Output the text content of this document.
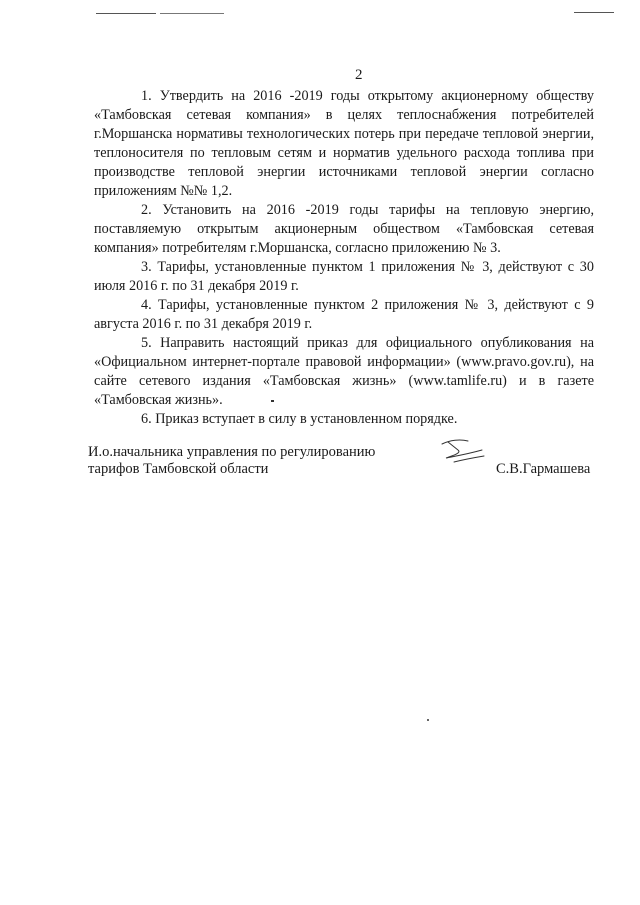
2

1. Утвердить на 2016 -2019 годы открытому акционерному обществу «Тамбовская сетевая компания» в целях теплоснабжения потребителей г.Моршанска нормативы технологических потерь при передаче тепловой энергии, теплоносителя по тепловым сетям и норматив удельного расхода топлива при производстве тепловой энергии источниками тепловой энергии согласно приложениям №№ 1,2.

2. Установить на 2016 -2019 годы тарифы на тепловую энергию, поставляемую открытым акционерным обществом «Тамбовская сетевая компания» потребителям г.Моршанска, согласно приложению № 3.

3. Тарифы, установленные пунктом 1 приложения № 3, действуют с 30 июля 2016 г. по 31 декабря 2019 г.

4. Тарифы, установленные пунктом 2 приложения № 3, действуют с 9 августа 2016 г. по 31 декабря 2019 г.

5. Направить настоящий приказ для официального опубликования на «Официальном интернет-портале правовой информации» (www.pravo.gov.ru), на сайте сетевого издания «Тамбовская жизнь» (www.tamlife.ru) и в газете «Тамбовская жизнь».

6. Приказ вступает в силу в установленном порядке.

И.о.начальника управления по регулированию
тарифов Тамбовской области	С.В.Гармашева
